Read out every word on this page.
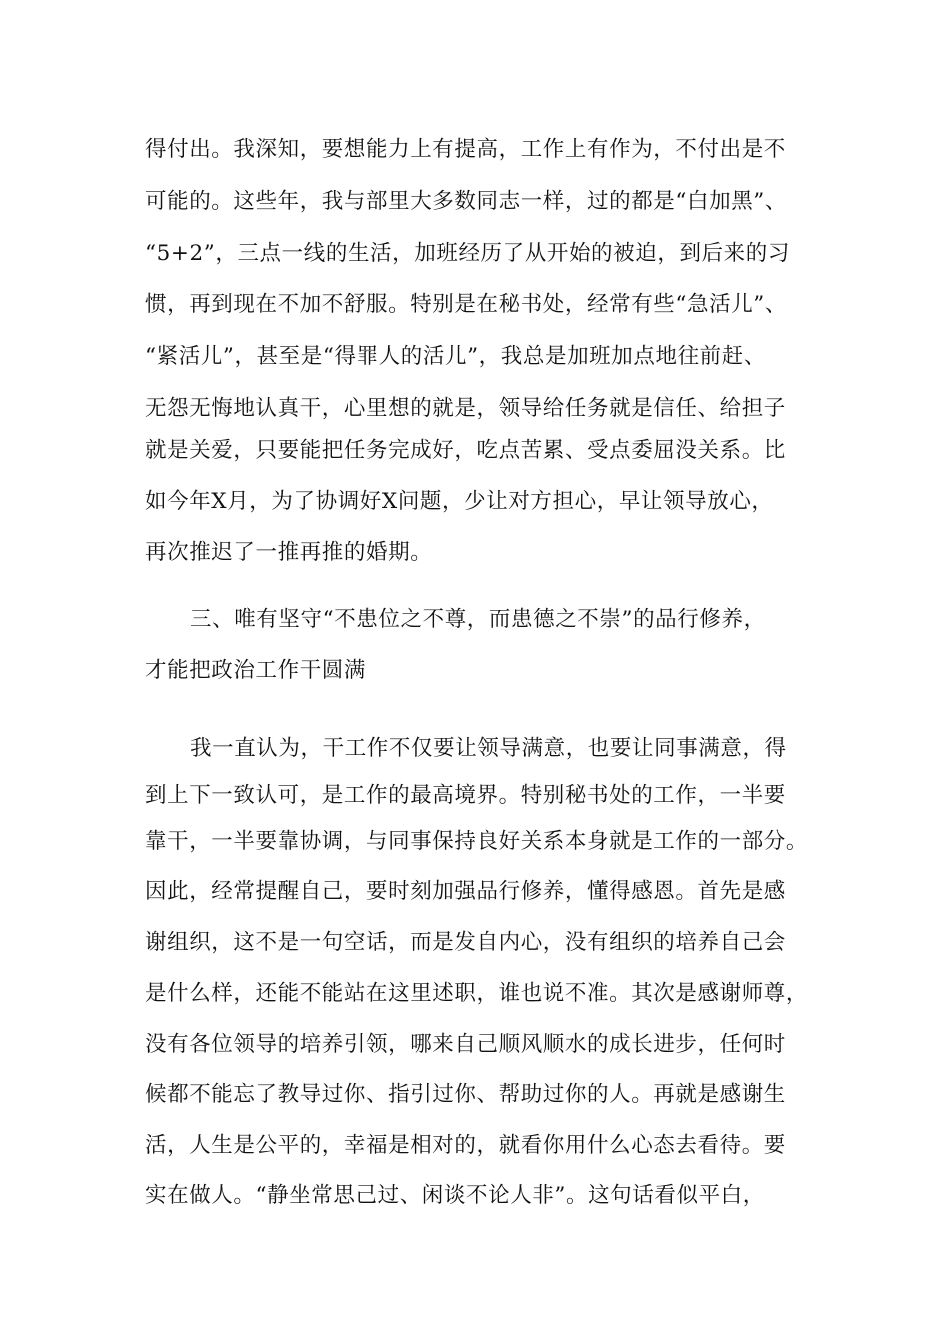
得付出。我深知，要想能力上有提高，工作上有作为，不付出是不
可能的。这些年，我与部里大多数同志一样，过的都是“白加黑”、
“5+2”，三点一线的生活，加班经历了从开始的被迫，到后来的习
惯，再到现在不加不舒服。特别是在秘书处，经常有些“急活儿”、
“紧活儿”，甚至是“得罪人的活儿”，我总是加班加点地往前赶、
无怨无悔地认真干，心里想的就是，领导给任务就是信任、给担子
就是关爱，只要能把任务完成好，吃点苦累、受点委屈没关系。比
如今年X月，为了协调好X问题，少让对方担心，早让领导放心，
再次推迟了一推再推的婚期。
三、唯有坚守“不患位之不尊，而患德之不崇”的品行修养，
才能把政治工作干圆满
我一直认为，干工作不仅要让领导满意，也要让同事满意，得
到上下一致认可，是工作的最高境界。特别秘书处的工作，一半要
靠干，一半要靠协调，与同事保持良好关系本身就是工作的一部分。
因此，经常提醒自己，要时刻加强品行修养，懂得感恩。首先是感
谢组织，这不是一句空话，而是发自内心，没有组织的培养自己会
是什么样，还能不能站在这里述职，谁也说不准。其次是感谢师尊，
没有各位领导的培养引领，哪来自己顺风顺水的成长进步，任何时
候都不能忘了教导过你、指引过你、帮助过你的人。再就是感谢生
活，人生是公平的，幸福是相对的，就看你用什么心态去看待。要
实在做人。“静坐常思己过、闲谈不论人非”。这句话看似平白，
